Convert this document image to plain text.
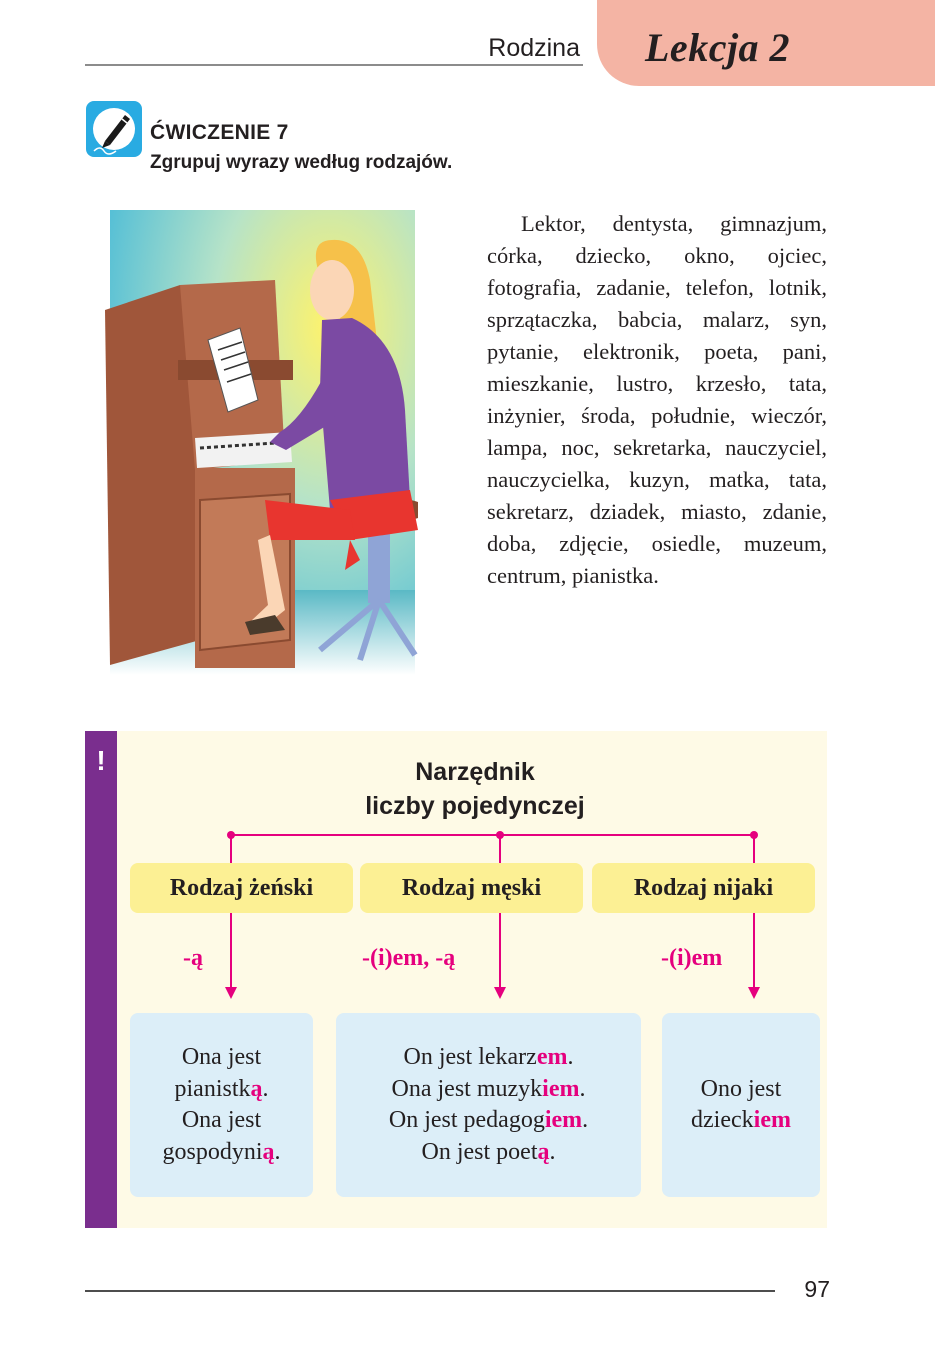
Rodzina	Lekcja 2
ĆWICZENIE 7
Zgrupuj wyrazy według rodzajów.
Lektor, dentysta, gimnazjum, córka, dziecko, okno, ojciec, fotografia, zadanie, telefon, lotnik, sprzątaczka, babcia, malarz, syn, pytanie, elektronik, poeta, pani, mieszkanie, lustro, krzesło, tata, inżynier, środa, południe, wieczór, lampa, noc, sekretarka, nauczyciel, nauczycielka, kuzyn, matka, tata, sekretarz, dziadek, miasto, zdanie, doba, zdjęcie, osiedle, muzeum, centrum, pianistka.
!	Narzędnik
liczby pojedynczej
Rodzaj żeński	Rodzaj męski	Rodzaj nijaki
-ą	-(i)em, -ą	-(i)em
Ona jest
pianistką.
Ona jest
gospodynią.
On jest lekarzem.
Ona jest muzykiem.
On jest pedagogiem.
On jest poetą.
Ono jest
dzieckiem
97
